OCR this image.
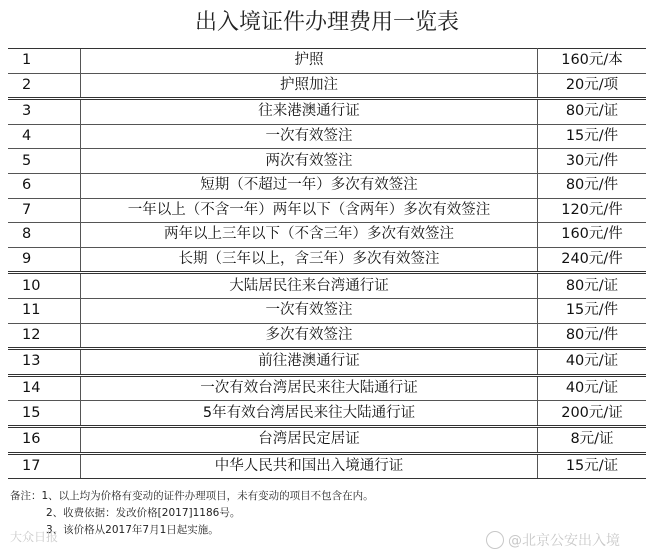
出入境证件办理费用一览表
1	护照	160元/本
2	护照加注	20元/项
3	往来港澳通行证	80元/证
4	一次有效签注	15元/件
5	两次有效签注	30元/件
6	短期（不超过一年）多次有效签注	80元/件
7	一年以上（不含一年）两年以下（含两年）多次有效签注	120元/件
8	两年以上三年以下（不含三年）多次有效签注	160元/件
9	长期（三年以上，含三年）多次有效签注	240元/件
10	大陆居民往来台湾通行证	80元/证
11	一次有效签注	15元/件
12	多次有效签注	80元/件
13	前往港澳通行证	40元/证
14	一次有效台湾居民来往大陆通行证	40元/证
15	5年有效台湾居民来往大陆通行证	200元/证
16	台湾居民定居证	8元/证
17	中华人民共和国出入境通行证	15元/证
备注：1、以上均为价格有变动的证件办理项目，未有变动的项目不包含在内。
2、收费依据：发改价格[2017]1186号。
3、该价格从2017年7月1日起实施。
大众日报	@北京公安出入境
